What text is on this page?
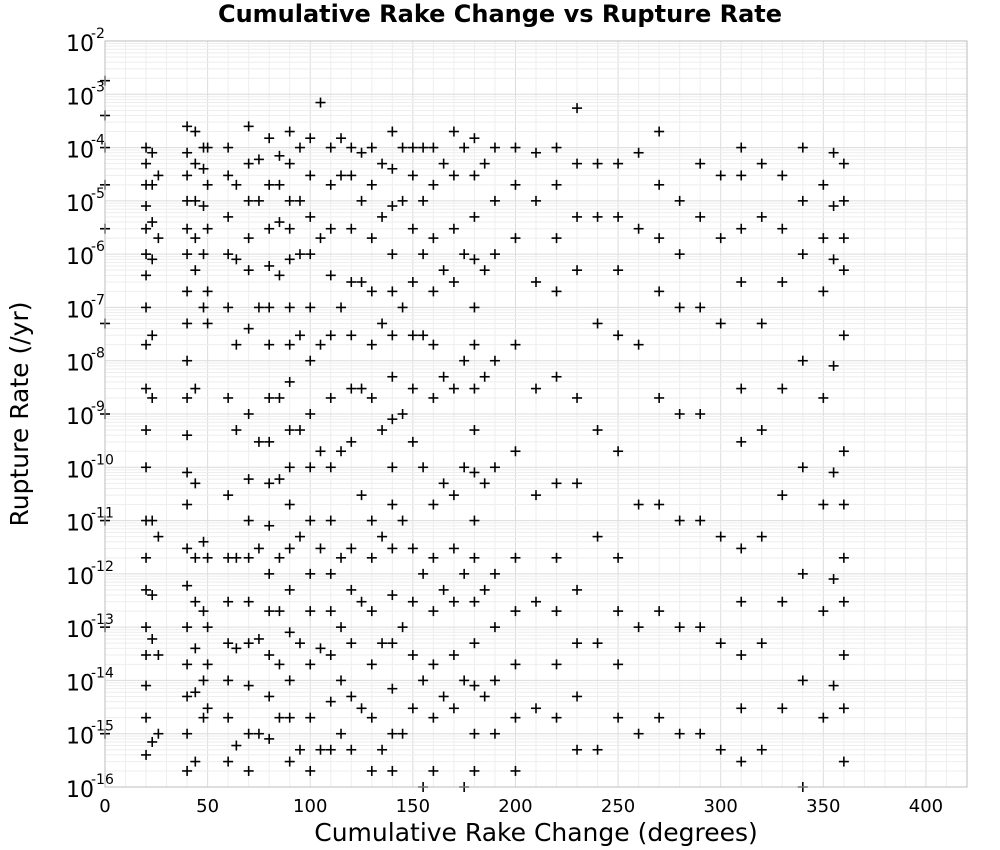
Cumulative Rake Change vs Rupture Rate
0	50	100	150	200	250	300	350	400
10
-2
10
-3
10
-4
10
-5
10
-6
10
-7
10
-8
10
-9
10
-10
10
-11
10
-12
10
-13
10
-14
10
-15
10
-16
Cumulative Rake Change (degrees)
Rupture Rate (/yr)
